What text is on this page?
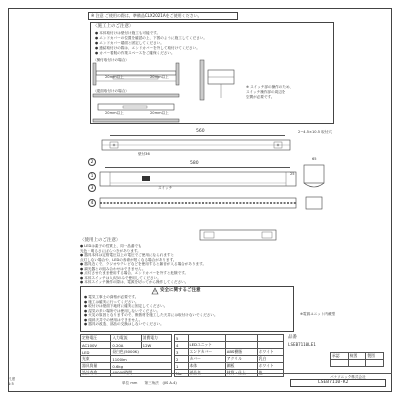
※ 注意 ご使用の際は、準備品CLX2021Aをご使用ください。
〈施工上のご注意〉
● 本体取付けは壁付け施工も可能です。
● エンドカバーの位置を確認の上、下図のように施工してください。
● エンドカバー端面と固定してください。
● 連結取付けの際は、エンドカバーを外して取付けてください。
● カバー着脱の作業スペースをご確保ください。
〈横付取付けの場合〉
20mm以上	20mm以上
〈縦面取付けの場合〉
20mm以上	20mm以上
※ スイッチ部の操作のため、
スイッチ操作部の周辺を
空間が必要です。
560	2−4.5×10.5 取付穴
壁付36
580
スイッチ
1
2
3
4
65
25
〈使用上のご注意〉
● LEDは素子の性質上、同一品番でも
光色・明るさにばらつきがあります。
● 器具本体は定格電圧以上の電圧でご使用になられますと
点灯しない場合や、LEDの寿命が短くなる場合があります。
● 器具近くで、ラジオやテレビなどを使用すると雑音が入る場合があります。
● 調光器との組み合わせはできません。
● 点灯させたまま使用する場合、エンドカバーを外すと危険です。
● 本体スイッチは入/切のみで使用してください。
● 本体スイッチ操作の際は、電源を切ってから操作してください。
安全に関するご注意
● 電気工事士の資格が必要です。
● 施工は確実に行ってください。
● 取付けは壁面下地材に確実に固定してください。
● 湿気の多い場所では使用しないでください。
● 火災の原因となりますので、断熱材を施工した天井には取付けないでください。
● 傾斜天井での使用はできません。
● 器具の改造、部品の交換はしないでください。
※電源ユニット内蔵型
定格電圧	入力電流	消費電力
AC100V	0.20A	12W
LED	昼白色(5000K)	
光束	1100lm	
器具質量	0.6kg	
設計寿命	40000時間	
5			
4	LEDユニット		
3	エンドカバー	ABS樹脂	ホワイト
2	カバー	アクリル	乳白
1	本体	鋼板	ホワイト
No.	部品名	材質・仕上	色
品番
LSEB7110LE1
承認	検図	製図

尺度
1:5	単位 mm　　第三角法　(JIS A-4)
パナソニック株式会社
LSEB7110-K2
